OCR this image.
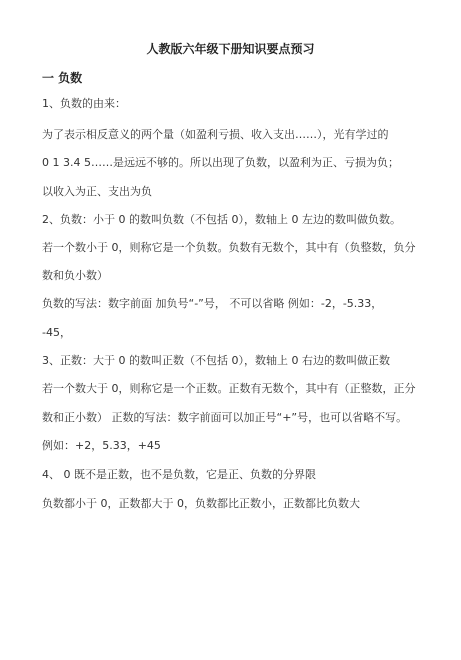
人教版六年级下册知识要点预习
一 负数
1、负数的由来：
为了表示相反意义的两个量（如盈利亏损、收入支出……），光有学过的
0 1 3.4 5……是远远不够的。所以出现了负数，以盈利为正、亏损为负；
以收入为正、支出为负
2、负数：小于 0 的数叫负数（不包括 0），数轴上 0 左边的数叫做负数。
若一个数小于 0，则称它是一个负数。负数有无数个，其中有（负整数，负分
数和负小数）
负数的写法：数字前面 加负号“-”号， 不可以省略 例如：-2，-5.33，
-45，
3、正数：大于 0 的数叫正数（不包括 0），数轴上 0 右边的数叫做正数
若一个数大于 0，则称它是一个正数。正数有无数个，其中有（正整数，正分
数和正小数） 正数的写法：数字前面可以加正号“+”号，也可以省略不写。
例如：+2，5.33，+45
4、 0 既不是正数，也不是负数，它是正、负数的分界限
负数都小于 0，正数都大于 0，负数都比正数小，正数都比负数大
